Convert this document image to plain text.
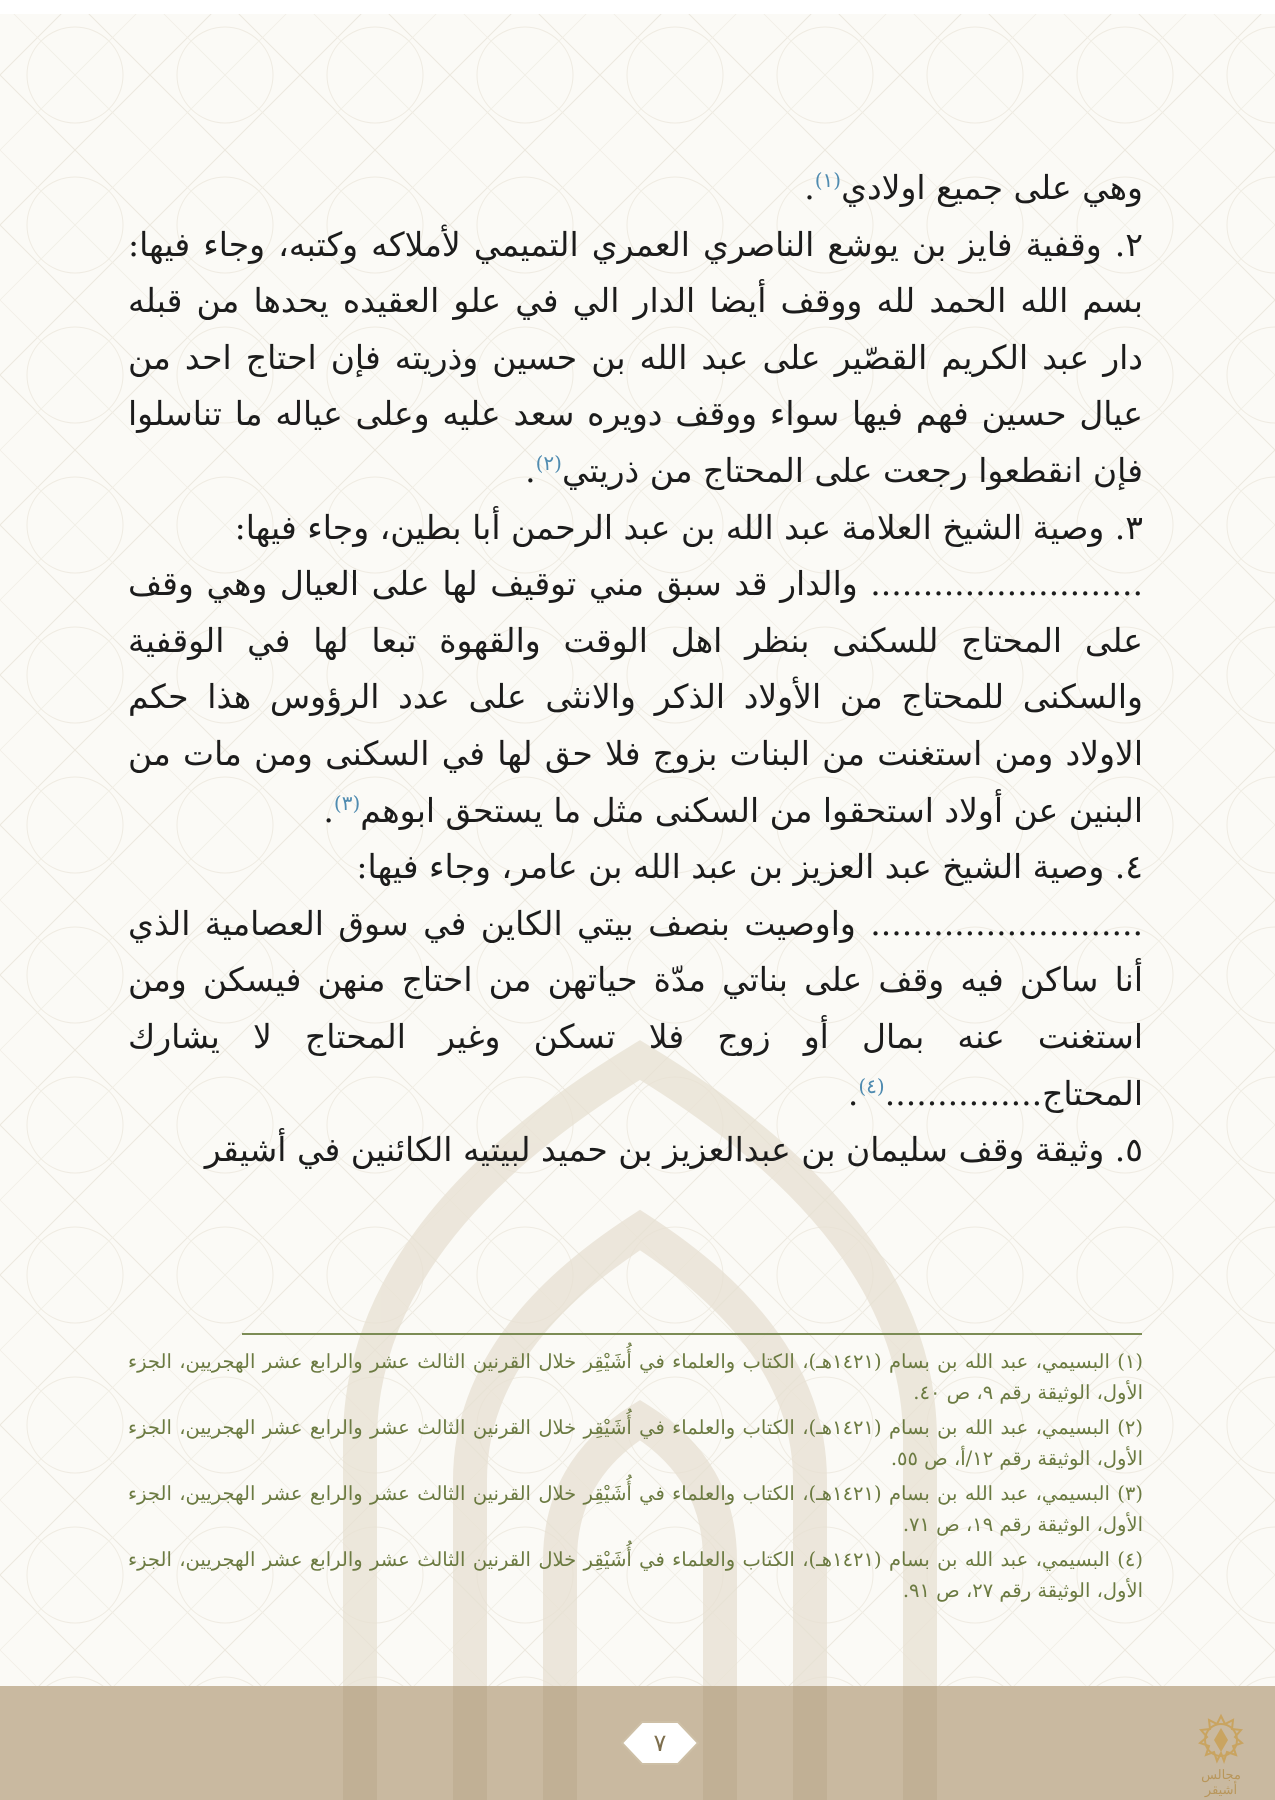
وهي على جميع اولادي$^{(١)}$.

٢. وقفية فايز بن يوشع الناصري العمري التميمي لأملاكه وكتبه، وجاء فيها: بسم الله الحمد لله ووقف أيضا الدار الي في علو العقيده يحدها من قبله دار عبد الكريم القصّير على عبد الله بن حسين وذريته فإن احتاج احد من عيال حسين فهم فيها سواء ووقف دويره سعد عليه وعلى عياله ما تناسلوا فإن انقطعوا رجعت على المحتاج من ذريتي$^{(٢)}$.

٣. وصية الشيخ العلامة عبد الله بن عبد الرحمن أبا بطين، وجاء فيها:

.......................... والدار قد سبق مني توقيف لها على العيال وهي وقف على المحتاج للسكنى بنظر اهل الوقت والقهوة تبعا لها في الوقفية والسكنى للمحتاج من الأولاد الذكر والانثى على عدد الرؤوس هذا حكم الاولاد ومن استغنت من البنات بزوج فلا حق لها في السكنى ومن مات من البنين عن أولاد استحقوا من السكنى مثل ما يستحق ابوهم$^{(٣)}$.

٤. وصية الشيخ عبد العزيز بن عبد الله بن عامر، وجاء فيها:

.......................... واوصيت بنصف بيتي الكاين في سوق العصامية الذي أنا ساكن فيه وقف على بناتي مدّة حياتهن من احتاج منهن فيسكن ومن استغنت عنه بمال أو زوج فلا تسكن وغير المحتاج لا يشارك المحتاج...............$^{(٤)}$.

٥. وثيقة وقف سليمان بن عبدالعزيز بن حميد لبيتيه الكائنين في أشيقر

(١) البسيمي، عبد الله بن بسام (١٤٢١هـ)، الكتاب والعلماء في أُشَيْقِر خلال القرنين الثالث عشر والرابع عشر الهجريين، الجزء الأول، الوثيقة رقم ٩، ص ٤٠.

(٢) البسيمي، عبد الله بن بسام (١٤٢١هـ)، الكتاب والعلماء في أُشَيْقِر خلال القرنين الثالث عشر والرابع عشر الهجريين، الجزء الأول، الوثيقة رقم ١٢/أ، ص ٥٥.

(٣) البسيمي، عبد الله بن بسام (١٤٢١هـ)، الكتاب والعلماء في أُشَيْقِر خلال القرنين الثالث عشر والرابع عشر الهجريين، الجزء الأول، الوثيقة رقم ١٩، ص ٧١.

(٤) البسيمي، عبد الله بن بسام (١٤٢١هـ)، الكتاب والعلماء في أُشَيْقِر خلال القرنين الثالث عشر والرابع عشر الهجريين، الجزء الأول، الوثيقة رقم ٢٧، ص ٩١.

٧
مجالس أشيقر
